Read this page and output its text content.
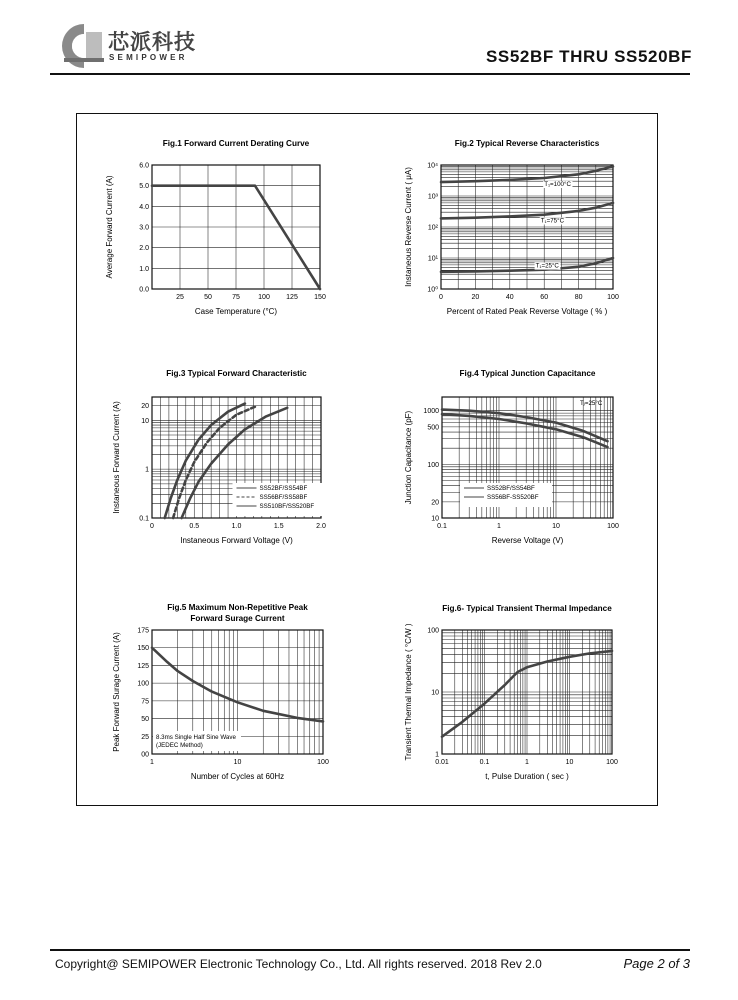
芯派科技
SEMIPOWER	SS52BF THRU SS520BF
Fig.1 Forward Current Derating Curve
25	50	75	100 125 150
0.0
1.0
2.0
3.0
4.0
5.0
6.0
Case Temperature (°C)
Average Forward Current (A)
Fig.2 Typical Reverse Characteristics
0	20	40	60	80	100
10⁰
10¹
10²
10³
10⁴
Percent of Rated Peak Reverse Voltage ( % )
Instaneous Reverse Current ( μA)	T₁=100°C
T₁=75°C
T₁=25°C
Fig.3 Typical Forward Characteristic
0	0.5	1.0	1.5	2.0
0.1
1
10
20
Instaneous Forward Voltage (V)
Instaneous Forward Current (A)	SS52BF/SS54BF
SS56BF/SS58BF
SS510BF/SS520BF
Fig.4 Typical Junction Capacitance
0.1	1	10	100
10
20
100
500
1000
Reverse Voltage (V)
Junction Capacitance (pF)
Tⱼ=25°C
SS52BF/SS54BF
SS56BF-SS520BF
Fig.5 Maximum Non-Repetitive Peak
Forward Surage Current
1	10	100
00
25
50
75
100
125
150
175
Number of Cycles at 60Hz
Peak Forward Surage Current (A)	8.3ms Single Half Sine Wave
(JEDEC Method)
Fig.6- Typical Transient Thermal Impedance
0.01	0.1	1	10	100
1
10
100
t, Pulse Duration ( sec )
Transient Thermal Impedance ( °C/W )
Copyright@ SEMIPOWER Electronic Technology Co., Ltd. All rights reserved. 2018 Rev 2.0	Page 2 of 3
